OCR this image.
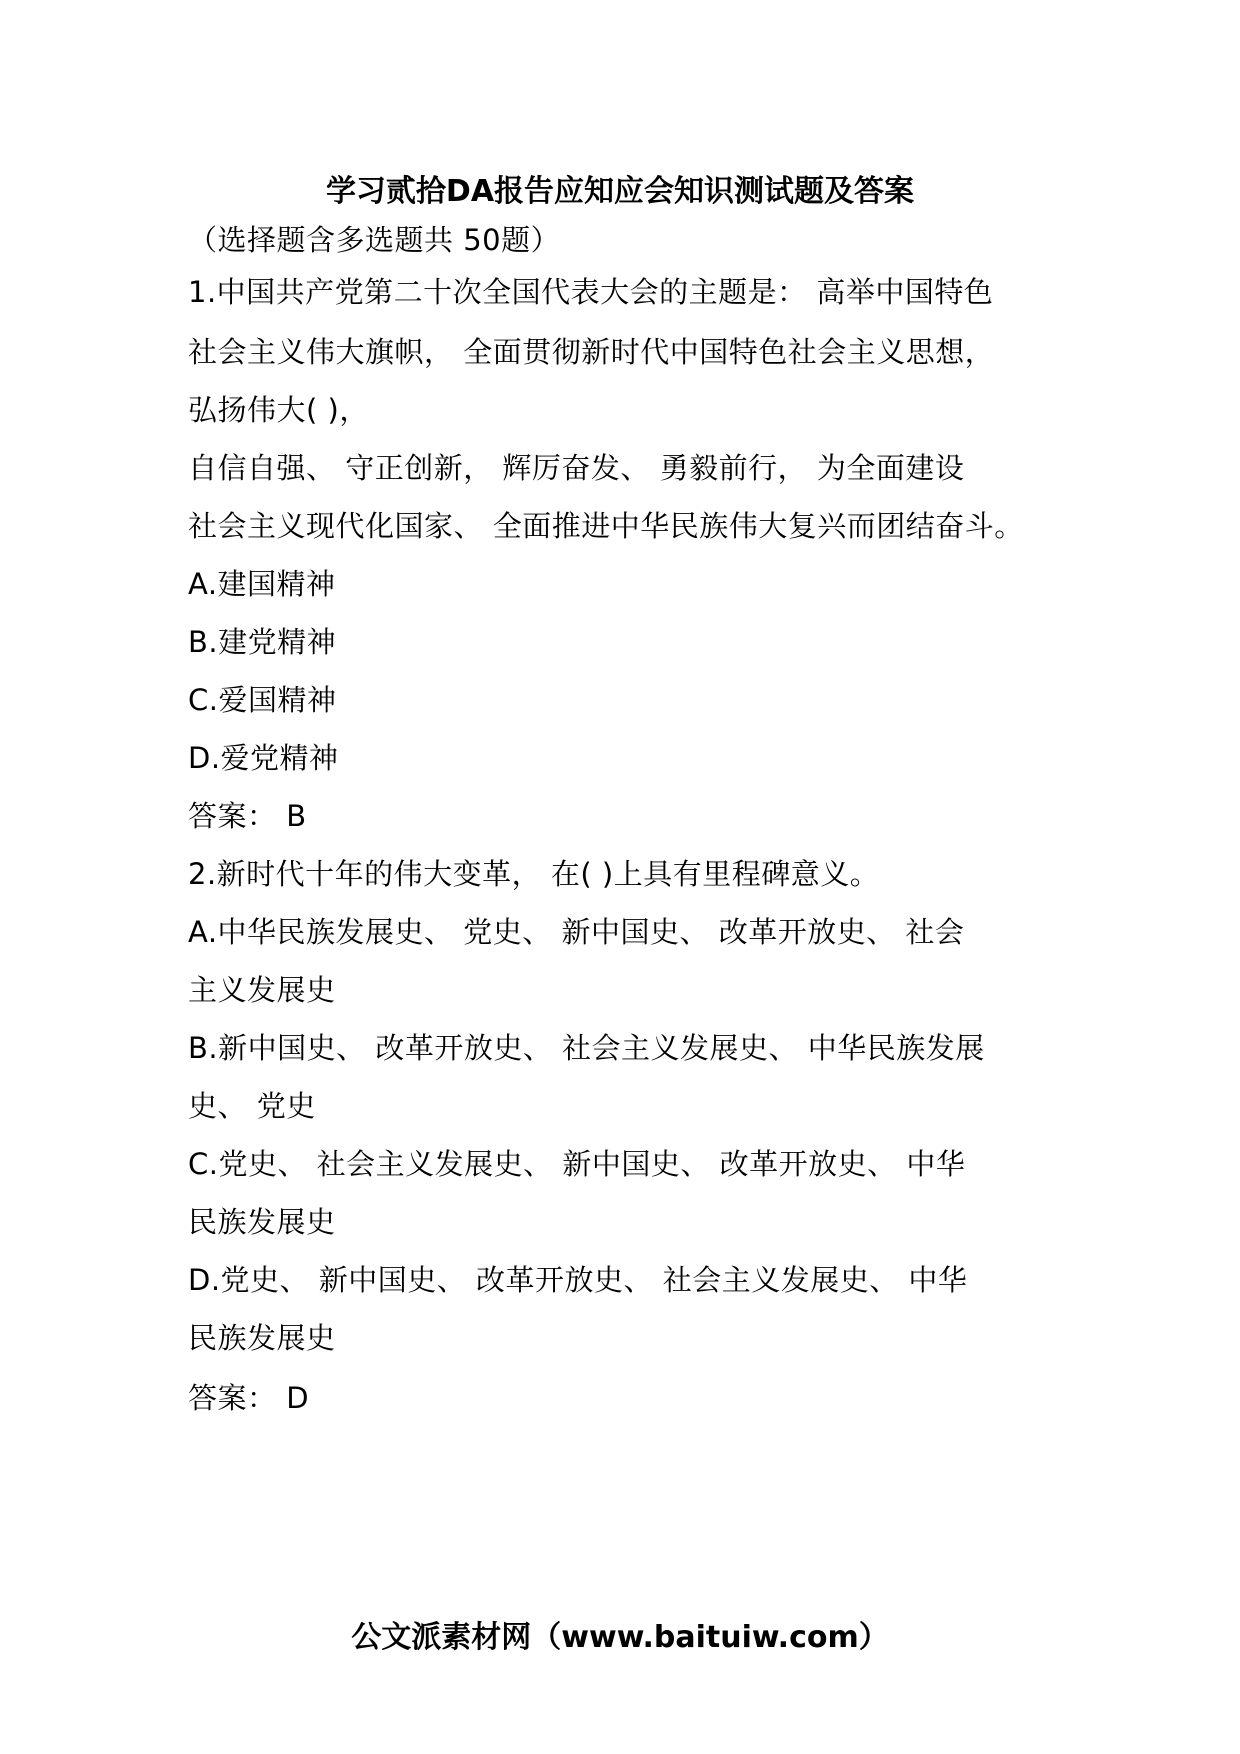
学习贰拾DA报告应知应会知识测试题及答案
（选择题含多选题共 50题）
1.中国共产党第二十次全国代表大会的主题是： 高举中国特色
社会主义伟大旗帜， 全面贯彻新时代中国特色社会主义思想，
弘扬伟大( )，
自信自强、 守正创新， 辉厉奋发、 勇毅前行， 为全面建设
社会主义现代化国家、 全面推进中华民族伟大复兴而团结奋斗。
A.建国精神
B.建党精神
C.爱国精神
D.爱党精神
答案： B
2.新时代十年的伟大变革， 在( )上具有里程碑意义。
A.中华民族发展史、 党史、 新中国史、 改革开放史、 社会
主义发展史
B.新中国史、 改革开放史、 社会主义发展史、 中华民族发展
史、 党史
C.党史、 社会主义发展史、 新中国史、 改革开放史、 中华
民族发展史
D.党史、 新中国史、 改革开放史、 社会主义发展史、 中华
民族发展史
答案： D
公文派素材网（www.baituiw.com）
